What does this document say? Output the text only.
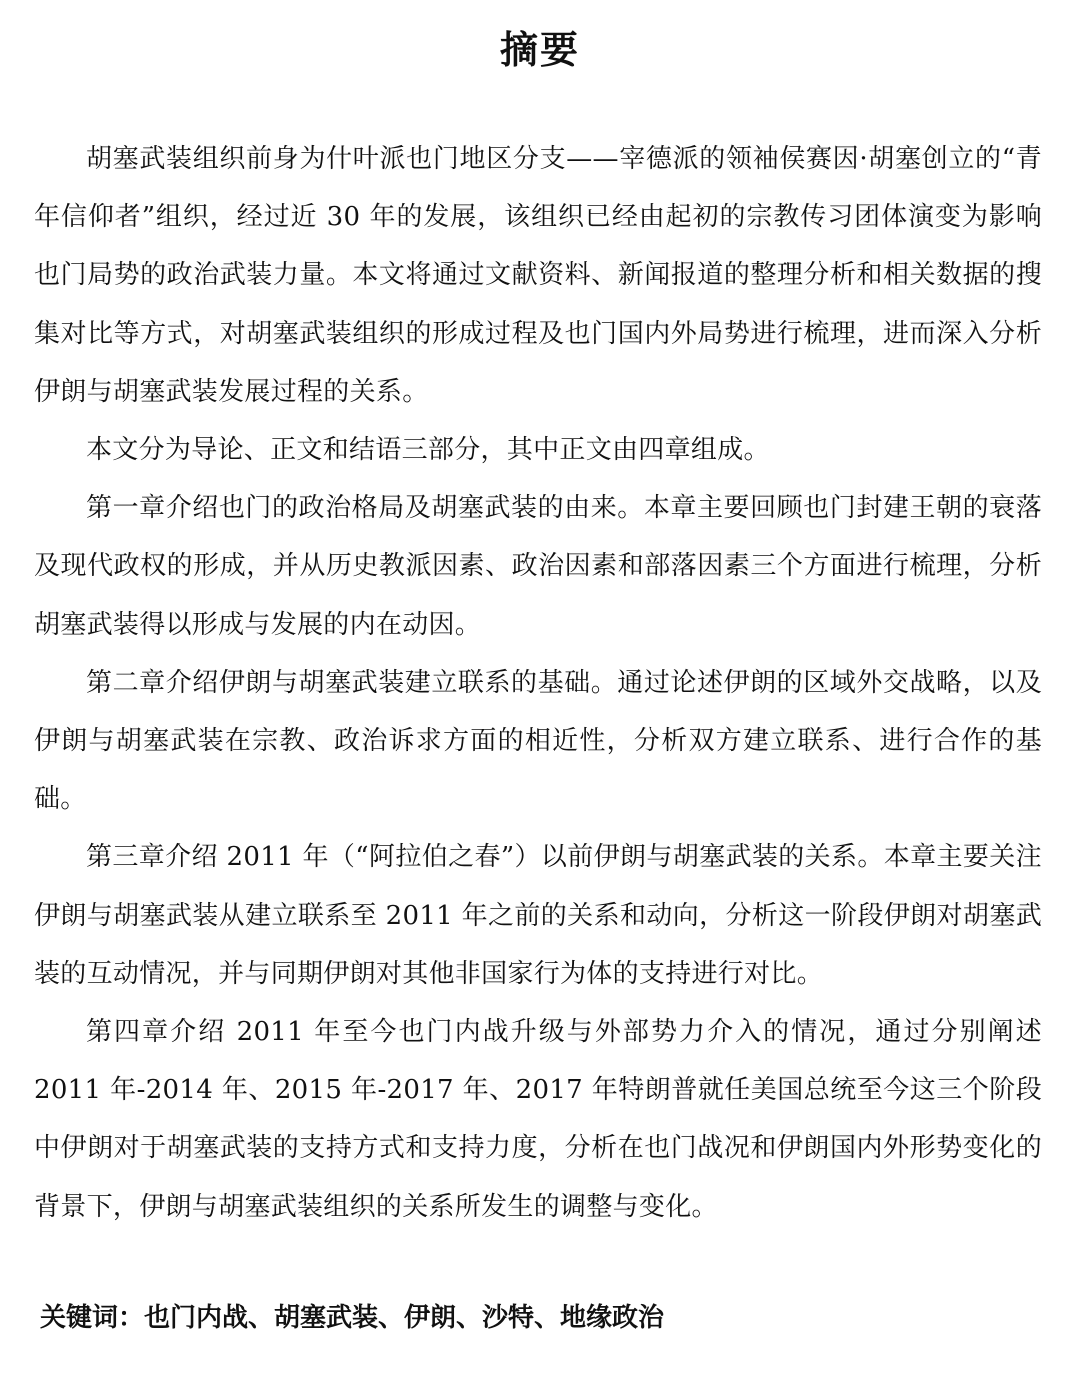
摘要

胡塞武装组织前身为什叶派也门地区分支——宰德派的领袖侯赛因·胡塞创立的“青年信仰者”组织，经过近 30 年的发展，该组织已经由起初的宗教传习团体演变为影响也门局势的政治武装力量。本文将通过文献资料、新闻报道的整理分析和相关数据的搜集对比等方式，对胡塞武装组织的形成过程及也门国内外局势进行梳理，进而深入分析伊朗与胡塞武装发展过程的关系。

本文分为导论、正文和结语三部分，其中正文由四章组成。

第一章介绍也门的政治格局及胡塞武装的由来。本章主要回顾也门封建王朝的衰落及现代政权的形成，并从历史教派因素、政治因素和部落因素三个方面进行梳理，分析胡塞武装得以形成与发展的内在动因。

第二章介绍伊朗与胡塞武装建立联系的基础。通过论述伊朗的区域外交战略，以及伊朗与胡塞武装在宗教、政治诉求方面的相近性，分析双方建立联系、进行合作的基础。

第三章介绍 2011 年（“阿拉伯之春”）以前伊朗与胡塞武装的关系。本章主要关注伊朗与胡塞武装从建立联系至 2011 年之前的关系和动向，分析这一阶段伊朗对胡塞武装的互动情况，并与同期伊朗对其他非国家行为体的支持进行对比。

第四章介绍 2011 年至今也门内战升级与外部势力介入的情况，通过分别阐述 2011 年-2014 年、2015 年-2017 年、2017 年特朗普就任美国总统至今这三个阶段中伊朗对于胡塞武装的支持方式和支持力度，分析在也门战况和伊朗国内外形势变化的背景下，伊朗与胡塞武装组织的关系所发生的调整与变化。

关键词：也门内战、胡塞武装、伊朗、沙特、地缘政治
